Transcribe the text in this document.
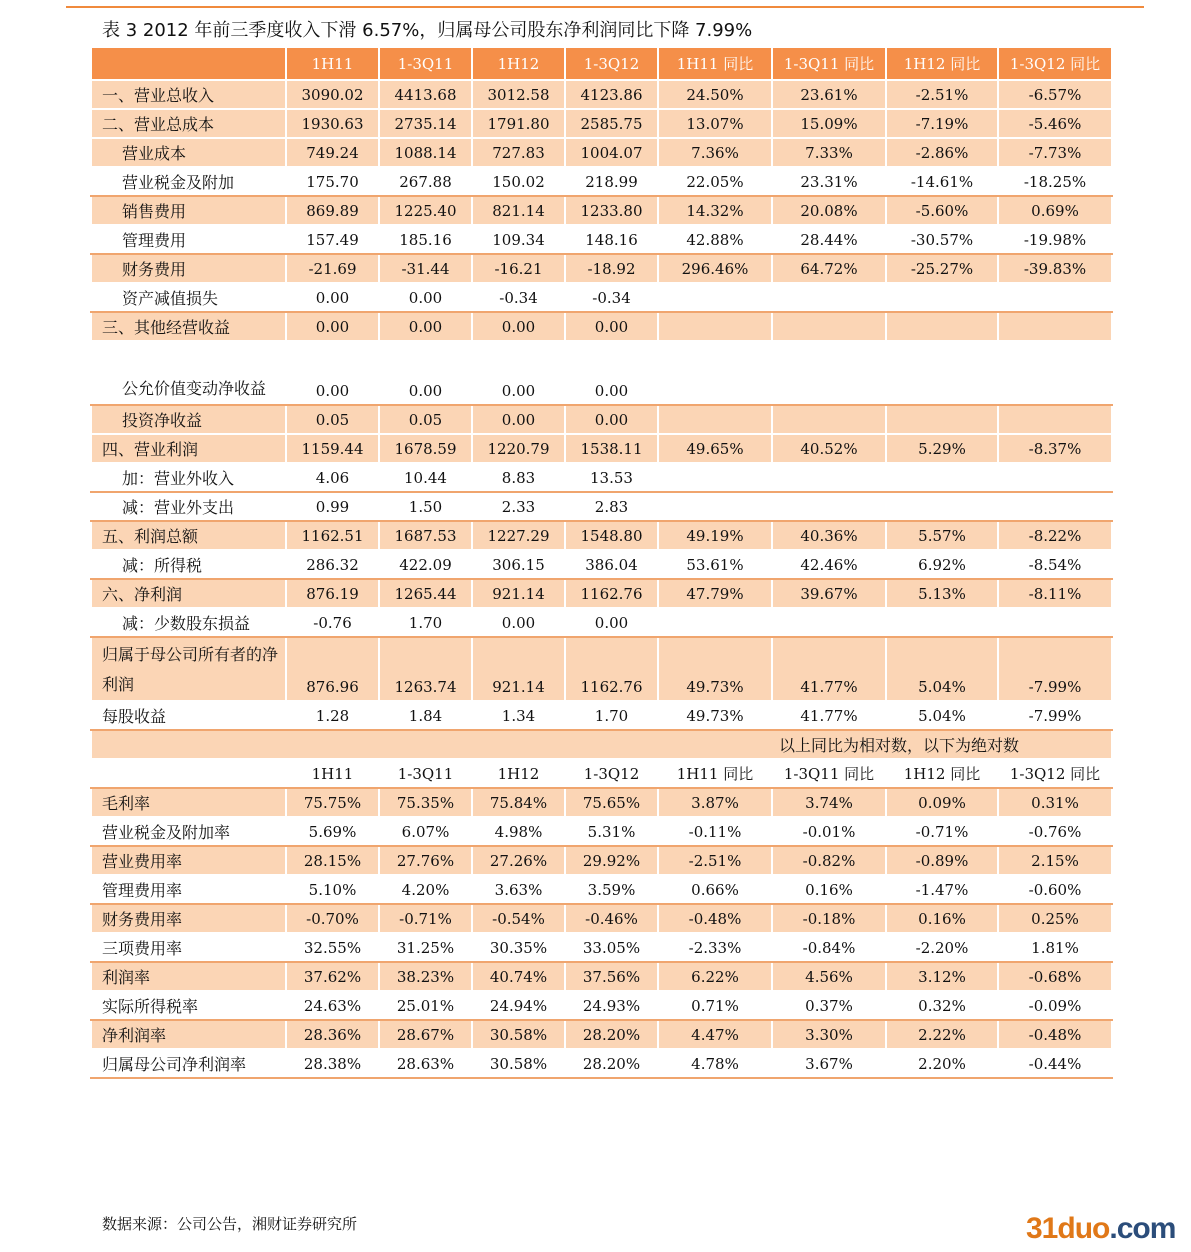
表 3 2012 年前三季度收入下滑 6.57%，归属母公司股东净利润同比下降 7.99%
	1H11	1-3Q11	1H12	1-3Q12	1H11 同比	1-3Q11 同比	1H12 同比	1-3Q12 同比
一、营业总收入	3090.02	4413.68	3012.58	4123.86	24.50%	23.61%	-2.51%	-6.57%
二、营业总成本	1930.63	2735.14	1791.80	2585.75	13.07%	15.09%	-7.19%	-5.46%
营业成本	749.24	1088.14	727.83	1004.07	7.36%	7.33%	-2.86%	-7.73%
营业税金及附加	175.70	267.88	150.02	218.99	22.05%	23.31%	-14.61%	-18.25%
销售费用	869.89	1225.40	821.14	1233.80	14.32%	20.08%	-5.60%	0.69%
管理费用	157.49	185.16	109.34	148.16	42.88%	28.44%	-30.57%	-19.98%
财务费用	-21.69	-31.44	-16.21	-18.92	296.46%	64.72%	-25.27%	-39.83%
资产减值损失	0.00	0.00	-0.34	-0.34				
三、其他经营收益	0.00	0.00	0.00	0.00				
公允价值变动净收益	0.00	0.00	0.00	0.00				
投资净收益	0.05	0.05	0.00	0.00				
四、营业利润	1159.44	1678.59	1220.79	1538.11	49.65%	40.52%	5.29%	-8.37%
加：营业外收入	4.06	10.44	8.83	13.53				
减：营业外支出	0.99	1.50	2.33	2.83				
五、利润总额	1162.51	1687.53	1227.29	1548.80	49.19%	40.36%	5.57%	-8.22%
减：所得税	286.32	422.09	306.15	386.04	53.61%	42.46%	6.92%	-8.54%
六、净利润	876.19	1265.44	921.14	1162.76	47.79%	39.67%	5.13%	-8.11%
减：少数股东损益	-0.76	1.70	0.00	0.00				
归属于母公司所有者的净利润	876.96	1263.74	921.14	1162.76	49.73%	41.77%	5.04%	-7.99%
每股收益	1.28	1.84	1.34	1.70	49.73%	41.77%	5.04%	-7.99%
以上同比为相对数，以下为绝对数								
	1H11	1-3Q11	1H12	1-3Q12	1H11 同比	1-3Q11 同比	1H12 同比	1-3Q12 同比
毛利率	75.75%	75.35%	75.84%	75.65%	3.87%	3.74%	0.09%	0.31%
营业税金及附加率	5.69%	6.07%	4.98%	5.31%	-0.11%	-0.01%	-0.71%	-0.76%
营业费用率	28.15%	27.76%	27.26%	29.92%	-2.51%	-0.82%	-0.89%	2.15%
管理费用率	5.10%	4.20%	3.63%	3.59%	0.66%	0.16%	-1.47%	-0.60%
财务费用率	-0.70%	-0.71%	-0.54%	-0.46%	-0.48%	-0.18%	0.16%	0.25%
三项费用率	32.55%	31.25%	30.35%	33.05%	-2.33%	-0.84%	-2.20%	1.81%
利润率	37.62%	38.23%	40.74%	37.56%	6.22%	4.56%	3.12%	-0.68%
实际所得税率	24.63%	25.01%	24.94%	24.93%	0.71%	0.37%	0.32%	-0.09%
净利润率	28.36%	28.67%	30.58%	28.20%	4.47%	3.30%	2.22%	-0.48%
归属母公司净利润率	28.38%	28.63%	30.58%	28.20%	4.78%	3.67%	2.20%	-0.44%
数据来源：公司公告，湘财证券研究所	31duo.com
